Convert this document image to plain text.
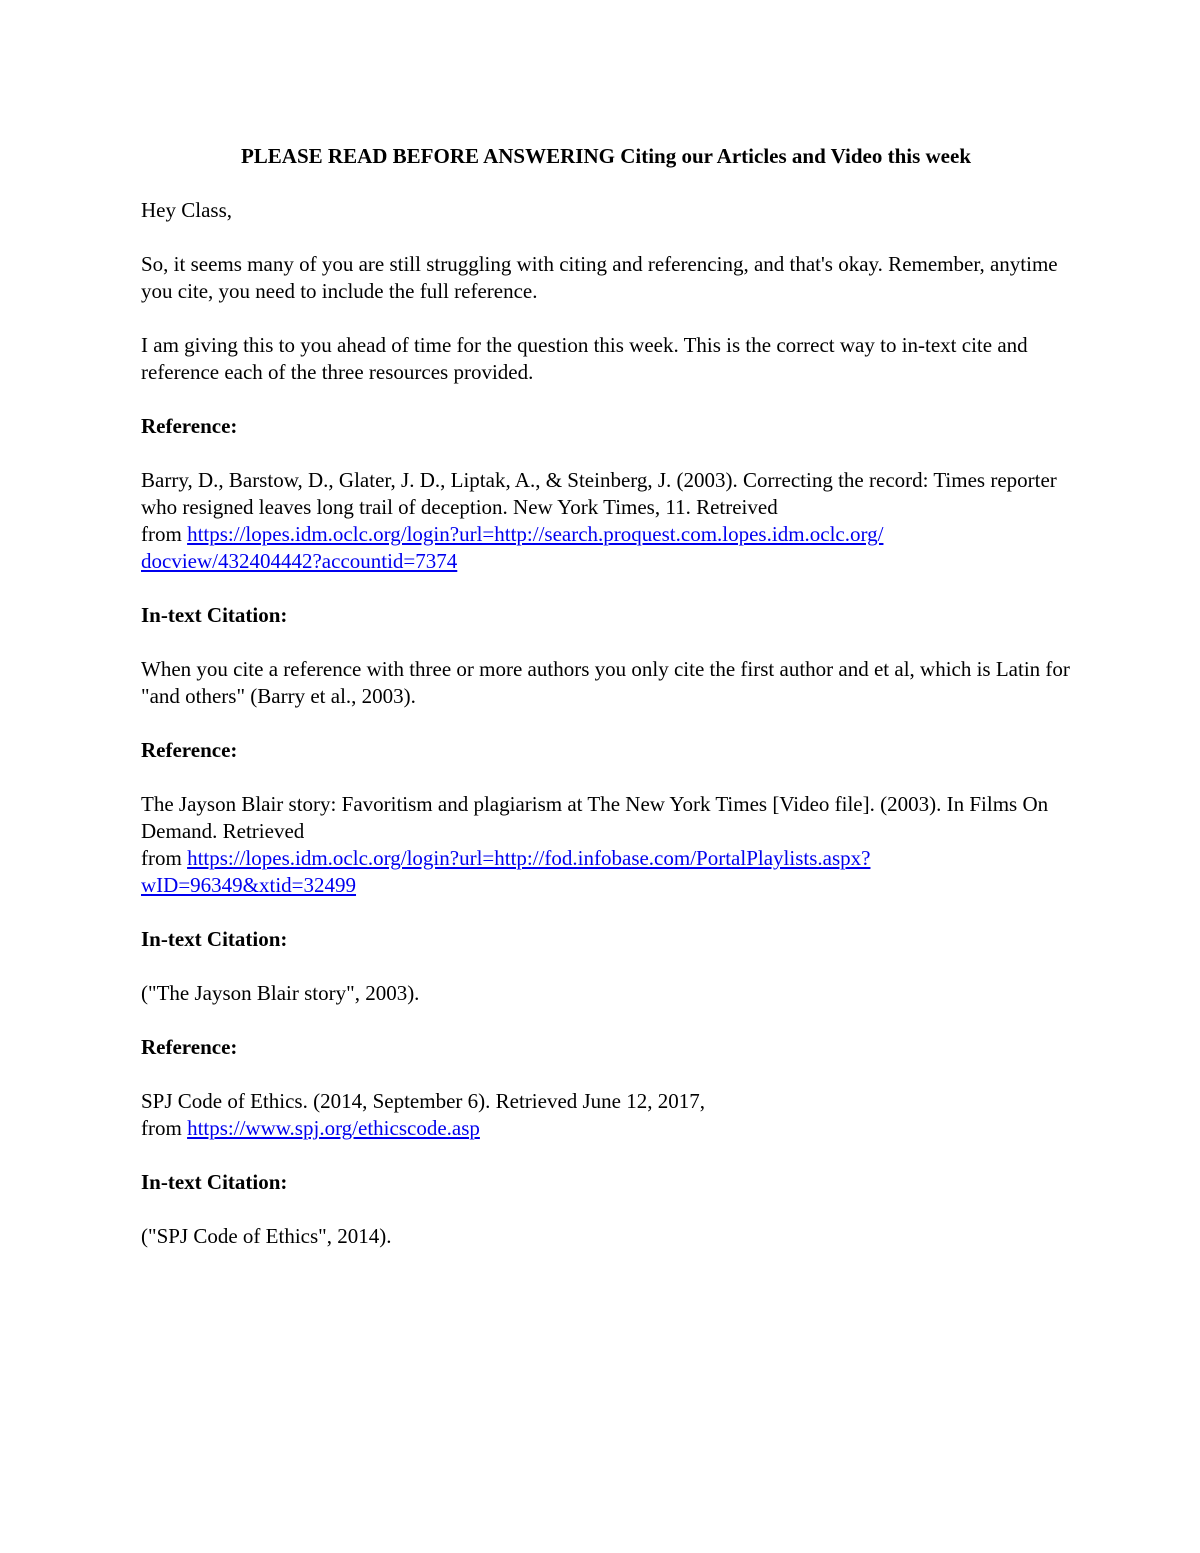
PLEASE READ BEFORE ANSWERING Citing our Articles and Video this week

Hey Class,

So, it seems many of you are still struggling with citing and referencing, and that's okay. Remember, anytime you cite, you need to include the full reference.

I am giving this to you ahead of time for the question this week. This is the correct way to in-text cite and reference each of the three resources provided.

Reference:

Barry, D., Barstow, D., Glater, J. D., Liptak, A., & Steinberg, J. (2003). Correcting the record: Times reporter who resigned leaves long trail of deception. New York Times, 11. Retreived
from https://lopes.idm.oclc.org/login?url=http://search.proquest.com.lopes.idm.oclc.org/
docview/432404442?accountid=7374

In-text Citation:

When you cite a reference with three or more authors you only cite the first author and et al, which is Latin for "and others" (Barry et al., 2003).

Reference:

The Jayson Blair story: Favoritism and plagiarism at The New York Times [Video file]. (2003). In Films On Demand. Retrieved
from https://lopes.idm.oclc.org/login?url=http://fod.infobase.com/PortalPlaylists.aspx?
wID=96349&xtid=32499

In-text Citation:

("The Jayson Blair story", 2003).

Reference:

SPJ Code of Ethics. (2014, September 6). Retrieved June 12, 2017,
from https://www.spj.org/ethicscode.asp

In-text Citation:

("SPJ Code of Ethics", 2014).
